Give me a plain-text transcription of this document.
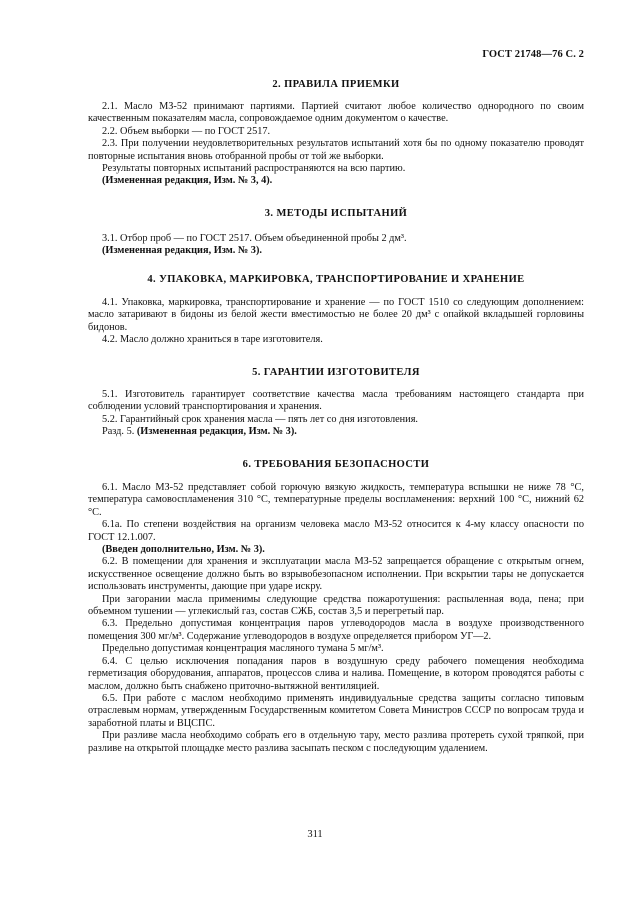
ГОСТ 21748—76 С. 2
2. ПРАВИЛА ПРИЕМКИ

2.1. Масло МЗ-52 принимают партиями. Партией считают любое количество однородного по своим качественным показателям масла, сопровождаемое одним документом о качестве.

2.2. Объем выборки — по ГОСТ 2517.

2.3. При получении неудовлетворительных результатов испытаний хотя бы по одному показателю проводят повторные испытания вновь отобранной пробы от той же выборки.

Результаты повторных испытаний распространяются на всю партию.

(Измененная редакция, Изм. № 3, 4).

3. МЕТОДЫ ИСПЫТАНИЙ

3.1. Отбор проб — по ГОСТ 2517. Объем объединенной пробы 2 дм³.

(Измененная редакция, Изм. № 3).

4. УПАКОВКА, МАРКИРОВКА, ТРАНСПОРТИРОВАНИЕ И ХРАНЕНИЕ

4.1. Упаковка, маркировка, транспортирование и хранение — по ГОСТ 1510 со следующим дополнением: масло затаривают в бидоны из белой жести вместимостью не более 20 дм³ с опайкой вкладышей горловины бидонов.

4.2. Масло должно храниться в таре изготовителя.

5. ГАРАНТИИ ИЗГОТОВИТЕЛЯ

5.1. Изготовитель гарантирует соответствие качества масла требованиям настоящего стандарта при соблюдении условий транспортирования и хранения.

5.2. Гарантийный срок хранения масла — пять лет со дня изготовления.

Разд. 5. (Измененная редакция, Изм. № 3).

6. ТРЕБОВАНИЯ БЕЗОПАСНОСТИ

6.1. Масло МЗ-52 представляет собой горючую вязкую жидкость, температура вспышки не ниже 78 °С, температура самовоспламенения 310 °С, температурные пределы воспламенения: верхний 100 °С, нижний 62 °С.

6.1а. По степени воздействия на организм человека масло МЗ-52 относится к 4-му классу опасности по ГОСТ 12.1.007.

(Введен дополнительно, Изм. № 3).

6.2. В помещении для хранения и эксплуатации масла МЗ-52 запрещается обращение с открытым огнем, искусственное освещение должно быть во взрывобезопасном исполнении. При вскрытии тары не допускается использовать инструменты, дающие при ударе искру.

При загорании масла применимы следующие средства пожаротушения: распыленная вода, пена; при объемном тушении — углекислый газ, состав СЖБ, состав 3,5 и перегретый пар.

6.3. Предельно допустимая концентрация паров углеводородов масла в воздухе производственного помещения 300 мг/м³. Содержание углеводородов в воздухе определяется прибором УГ—2.

Предельно допустимая концентрация масляного тумана 5 мг/м³.

6.4. С целью исключения попадания паров в воздушную среду рабочего помещения необходима герметизация оборудования, аппаратов, процессов слива и налива. Помещение, в котором проводятся работы с маслом, должно быть снабжено приточно-вытяжной вентиляцией.

6.5. При работе с маслом необходимо применять индивидуальные средства защиты согласно типовым отраслевым нормам, утвержденным Государственным комитетом Совета Министров СССР по вопросам труда и заработной платы и ВЦСПС.

При разливе масла необходимо собрать его в отдельную тару, место разлива протереть сухой тряпкой, при разливе на открытой площадке место разлива засыпать песком с последующим удалением.

311
